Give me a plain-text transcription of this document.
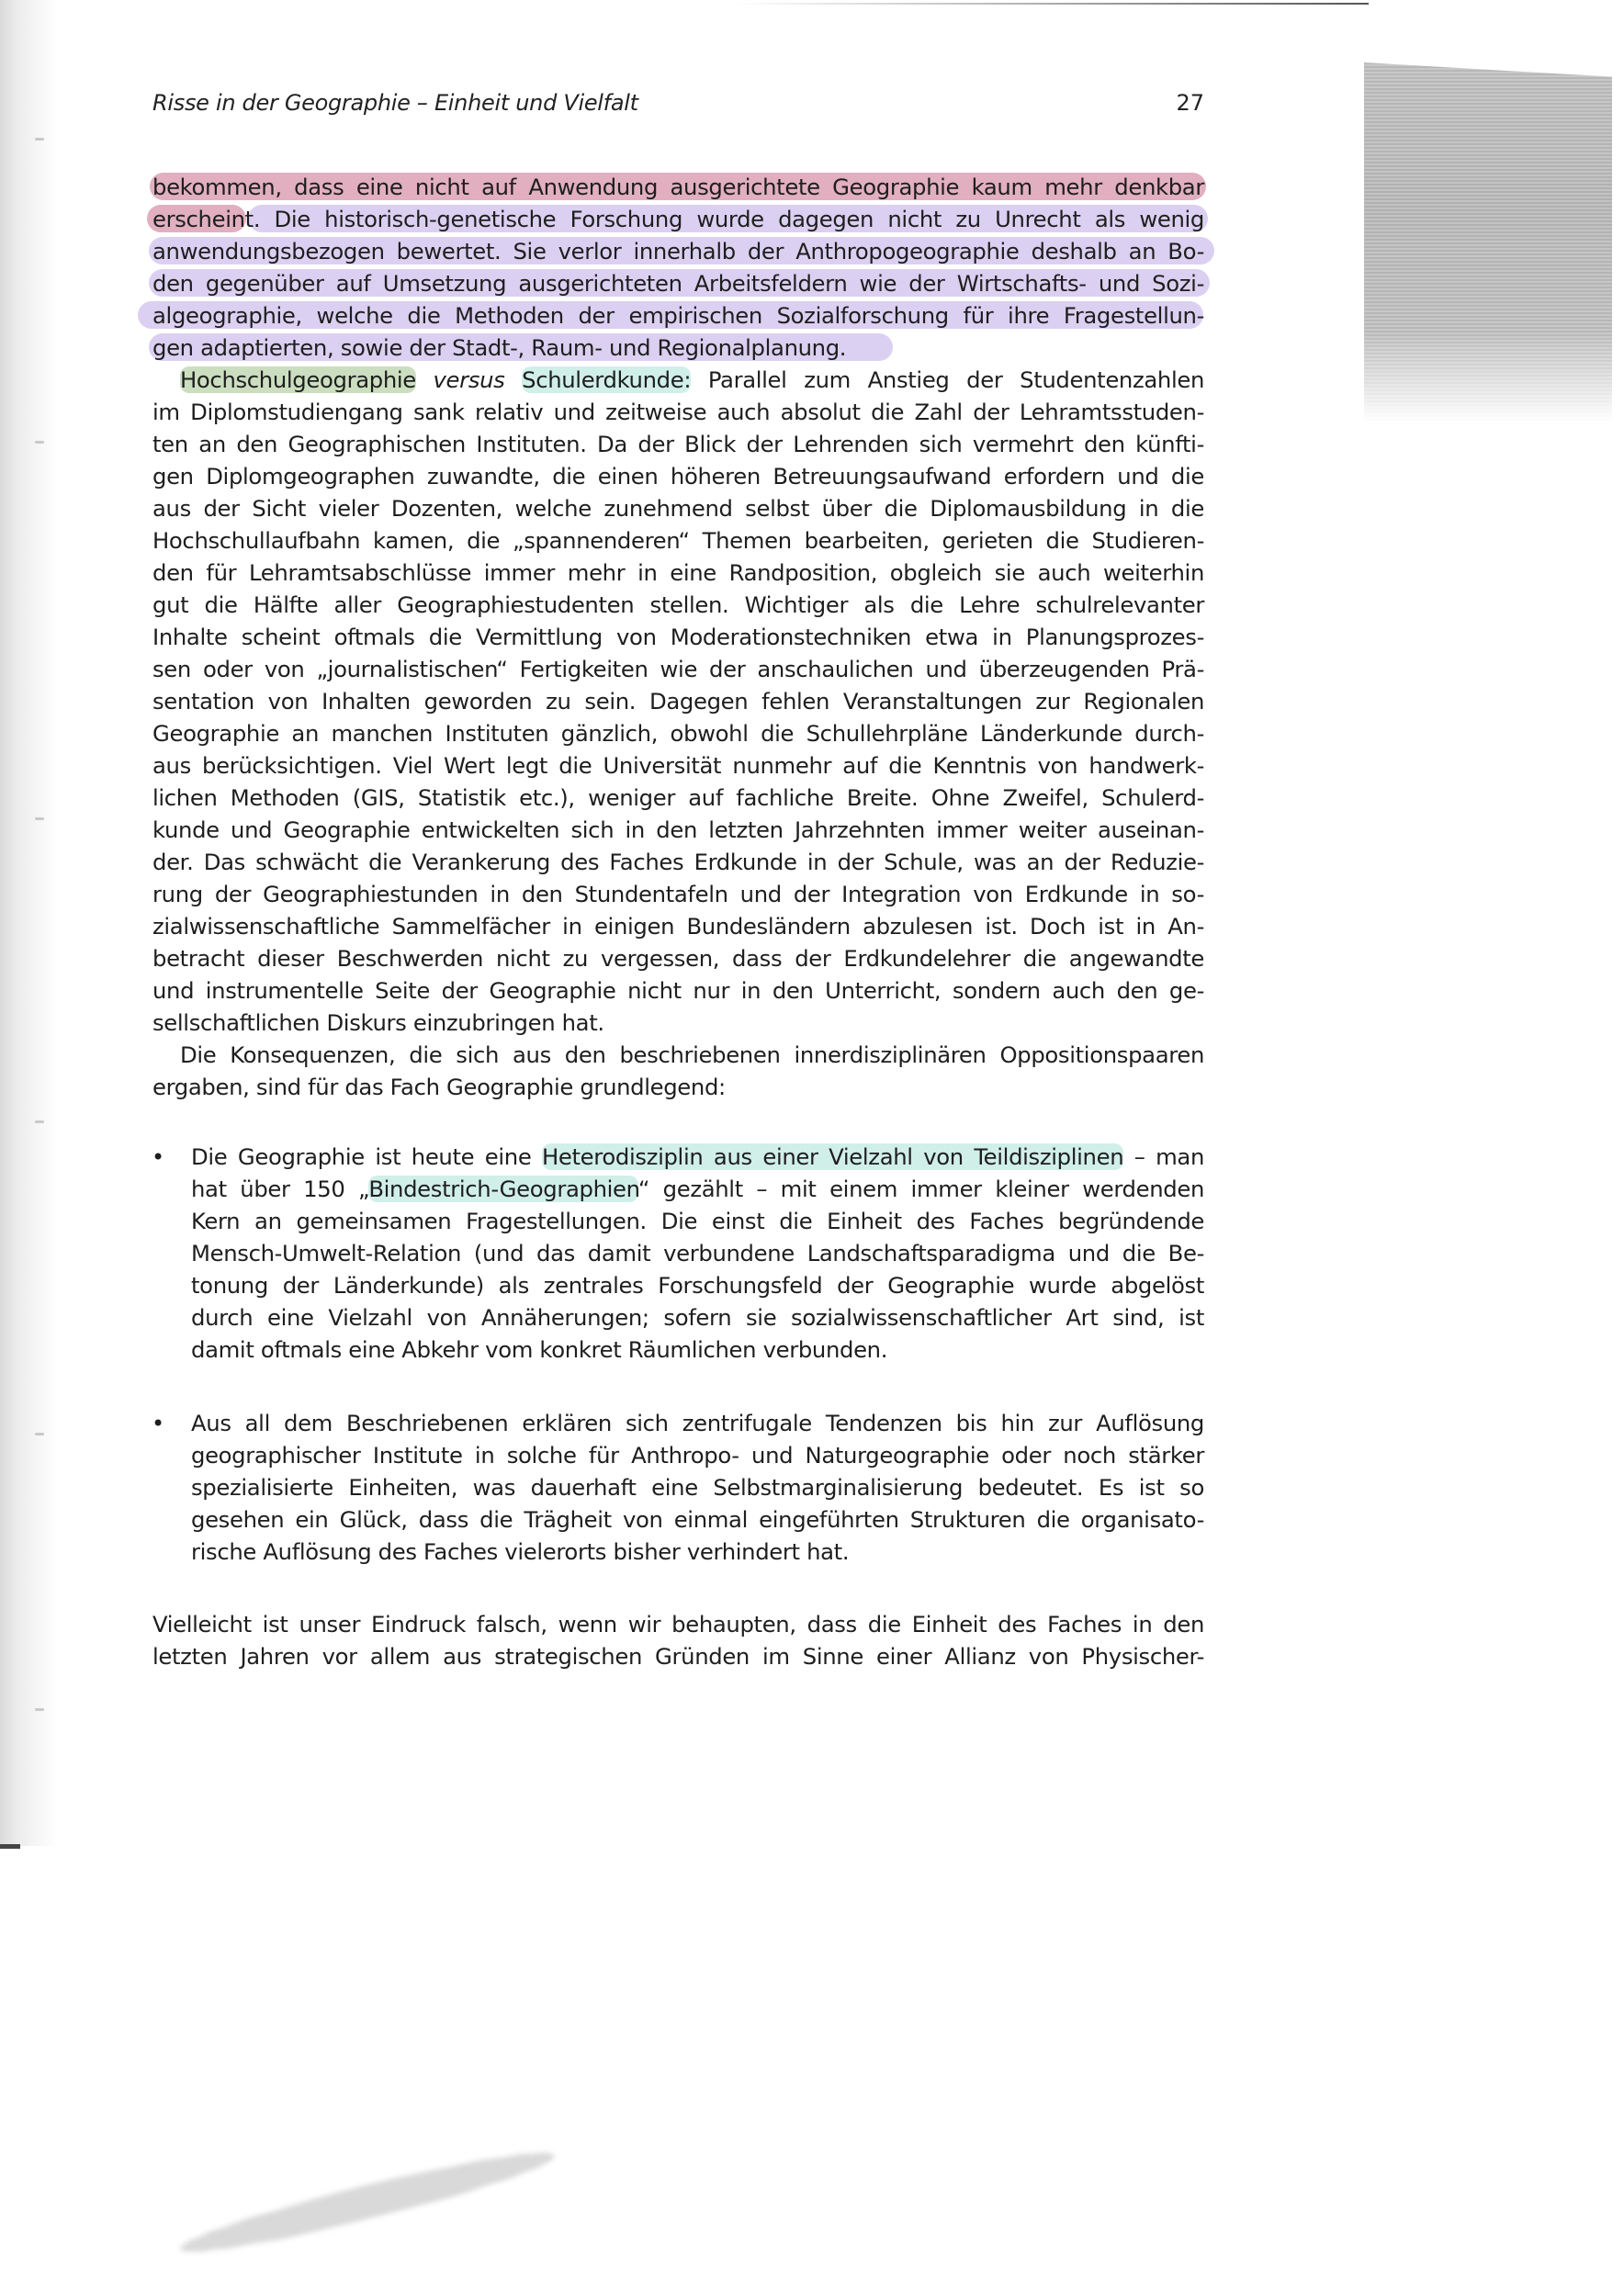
Risse in der Geographie – Einheit und Vielfalt	27
bekommen, dass eine nicht auf Anwendung ausgerichtete Geographie kaum mehr denkbar
erscheint. Die historisch-genetische Forschung wurde dagegen nicht zu Unrecht als wenig
anwendungsbezogen bewertet. Sie verlor innerhalb der Anthropogeographie deshalb an Bo-
den gegenüber auf Umsetzung ausgerichteten Arbeitsfeldern wie der Wirtschafts- und Sozi-
algeographie, welche die Methoden der empirischen Sozialforschung für ihre Fragestellun-
gen adaptierten, sowie der Stadt-, Raum- und Regionalplanung.
Hochschulgeographie versus Schulerdkunde: Parallel zum Anstieg der Studentenzahlen
im Diplomstudiengang sank relativ und zeitweise auch absolut die Zahl der Lehramtsstuden-
ten an den Geographischen Instituten. Da der Blick der Lehrenden sich vermehrt den künfti-
gen Diplomgeographen zuwandte, die einen höheren Betreuungsaufwand erfordern und die
aus der Sicht vieler Dozenten, welche zunehmend selbst über die Diplomausbildung in die
Hochschullaufbahn kamen, die „spannenderen“ Themen bearbeiten, gerieten die Studieren-
den für Lehramtsabschlüsse immer mehr in eine Randposition, obgleich sie auch weiterhin
gut die Hälfte aller Geographiestudenten stellen. Wichtiger als die Lehre schulrelevanter
Inhalte scheint oftmals die Vermittlung von Moderationstechniken etwa in Planungsprozes-
sen oder von „journalistischen“ Fertigkeiten wie der anschaulichen und überzeugenden Prä-
sentation von Inhalten geworden zu sein. Dagegen fehlen Veranstaltungen zur Regionalen
Geographie an manchen Instituten gänzlich, obwohl die Schullehrpläne Länderkunde durch-
aus berücksichtigen. Viel Wert legt die Universität nunmehr auf die Kenntnis von handwerk-
lichen Methoden (GIS, Statistik etc.), weniger auf fachliche Breite. Ohne Zweifel, Schulerd-
kunde und Geographie entwickelten sich in den letzten Jahrzehnten immer weiter auseinan-
der. Das schwächt die Verankerung des Faches Erdkunde in der Schule, was an der Reduzie-
rung der Geographiestunden in den Stundentafeln und der Integration von Erdkunde in so-
zialwissenschaftliche Sammelfächer in einigen Bundesländern abzulesen ist. Doch ist in An-
betracht dieser Beschwerden nicht zu vergessen, dass der Erdkundelehrer die angewandte
und instrumentelle Seite der Geographie nicht nur in den Unterricht, sondern auch den ge-
sellschaftlichen Diskurs einzubringen hat.
Die Konsequenzen, die sich aus den beschriebenen innerdisziplinären Oppositionspaaren
ergaben, sind für das Fach Geographie grundlegend:
• Die Geographie ist heute eine Heterodisziplin aus einer Vielzahl von Teildisziplinen – man
hat über 150 „Bindestrich-Geographien“ gezählt – mit einem immer kleiner werdenden
Kern an gemeinsamen Fragestellungen. Die einst die Einheit des Faches begründende
Mensch-Umwelt-Relation (und das damit verbundene Landschaftsparadigma und die Be-
tonung der Länderkunde) als zentrales Forschungsfeld der Geographie wurde abgelöst
durch eine Vielzahl von Annäherungen; sofern sie sozialwissenschaftlicher Art sind, ist
damit oftmals eine Abkehr vom konkret Räumlichen verbunden.
• Aus all dem Beschriebenen erklären sich zentrifugale Tendenzen bis hin zur Auflösung
geographischer Institute in solche für Anthropo- und Naturgeographie oder noch stärker
spezialisierte Einheiten, was dauerhaft eine Selbstmarginalisierung bedeutet. Es ist so
gesehen ein Glück, dass die Trägheit von einmal eingeführten Strukturen die organisato-
rische Auflösung des Faches vielerorts bisher verhindert hat.
Vielleicht ist unser Eindruck falsch, wenn wir behaupten, dass die Einheit des Faches in den
letzten Jahren vor allem aus strategischen Gründen im Sinne einer Allianz von Physischer-
